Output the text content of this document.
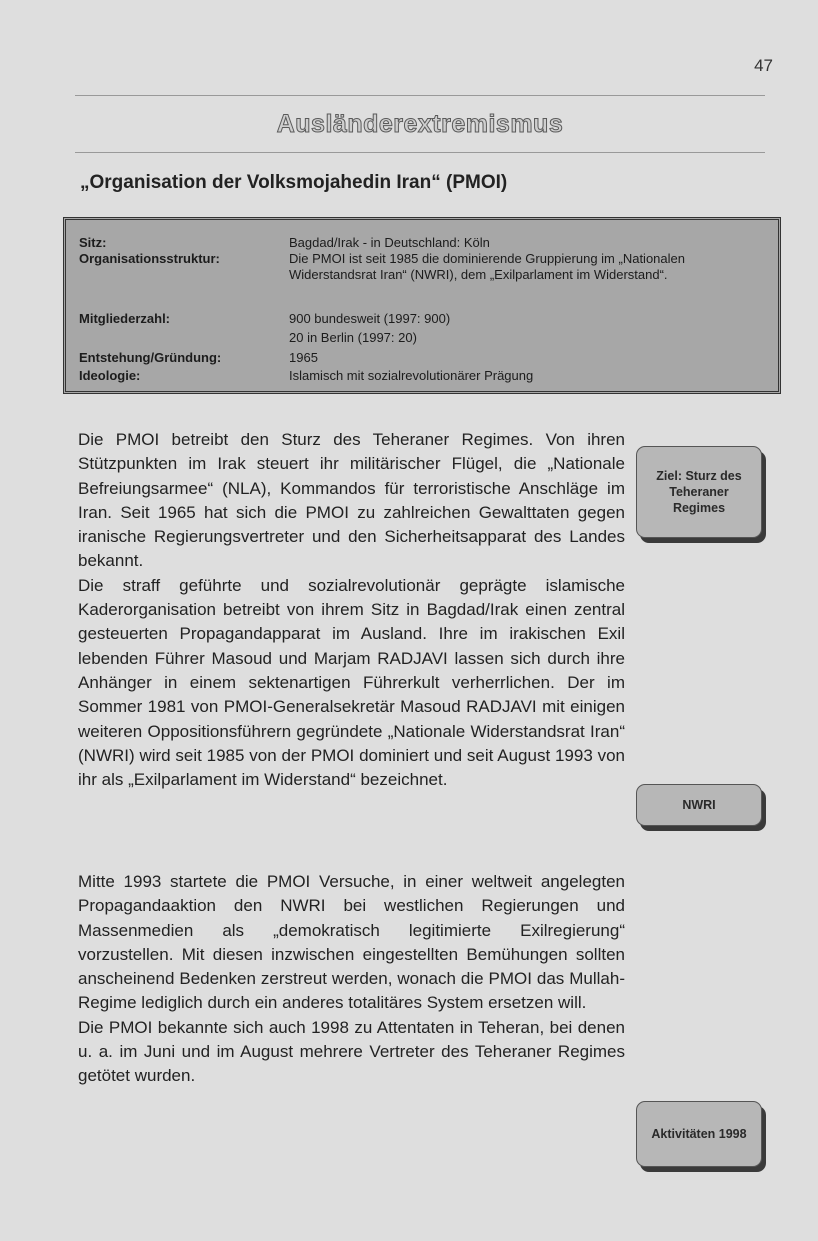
47
Ausländerextremismus
„Organisation der Volksmojahedin Iran“ (PMOI)
Sitz:	Bagdad/Irak - in Deutschland: Köln
Organisationsstruktur:	Die PMOI ist seit 1985 die dominierende Gruppierung im „Nationalen Widerstandsrat Iran“ (NWRI), dem „Exilparlament im Widerstand“.
Mitgliederzahl:	900 bundesweit (1997: 900)
20 in Berlin (1997: 20)
Entstehung/Gründung:	1965
Ideologie:	Islamisch mit sozialrevolutionärer Prägung

Die PMOI betreibt den Sturz des Teheraner Regimes. Von ihren Stützpunkten im Irak steuert ihr militärischer Flügel, die „Nationale Befreiungsarmee“ (NLA), Kommandos für terroristische Anschläge im Iran. Seit 1965 hat sich die PMOI zu zahlreichen Gewalttaten gegen iranische Regierungsvertreter und den Sicherheitsapparat des Landes bekannt.

Die straff geführte und sozialrevolutionär geprägte islamische Kaderorganisation betreibt von ihrem Sitz in Bagdad/Irak einen zentral gesteuerten Propagandapparat im Ausland. Ihre im irakischen Exil lebenden Führer Masoud und Marjam RADJAVI lassen sich durch ihre Anhänger in einem sektenartigen Führerkult verherrlichen. Der im Sommer 1981 von PMOI-Generalsekretär Masoud RADJAVI mit einigen weiteren Oppositionsführern gegründete „Nationale Widerstandsrat Iran“ (NWRI) wird seit 1985 von der PMOI dominiert und seit August 1993 von ihr als „Exilparlament im Widerstand“ bezeichnet.

Mitte 1993 startete die PMOI Versuche, in einer weltweit angelegten Propagandaaktion den NWRI bei westlichen Regierungen und Massenmedien als „demokratisch legitimierte Exilregierung“ vorzustellen. Mit diesen inzwischen eingestellten Bemühungen sollten anscheinend Bedenken zerstreut werden, wonach die PMOI das Mullah-Regime lediglich durch ein anderes totalitäres System ersetzen will.

Die PMOI bekannte sich auch 1998 zu Attentaten in Teheran, bei denen u. a. im Juni und im August mehrere Vertreter des Teheraner Regimes getötet wurden.

Ziel: Sturz des Teheraner Regimes
NWRI
Aktivitäten 1998
